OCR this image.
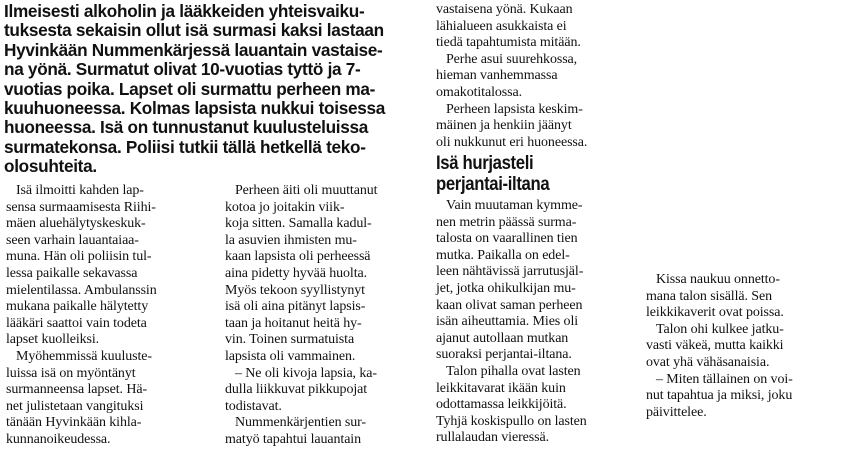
Ilmeisesti alkoholin ja lääkkeiden yhteisvaiku-
tuksesta sekaisin ollut isä surmasi kaksi lastaan
Hyvinkään Nummenkärjessä lauantain vastaise-
na yönä. Surmatut olivat 10-vuotias tyttö ja 7-
vuotias poika. Lapset oli surmattu perheen ma-
kuuhuoneessa. Kolmas lapsista nukkui toisessa
huoneessa. Isä on tunnustanut kuulusteluissa
surmatekonsa. Poliisi tutkii tällä hetkellä teko-
olosuhteita.
Isä ilmoitti kahden lap-
sensa surmaamisesta Riihi-
mäen aluehälytyskeskuk-
seen varhain lauantaiaa-
muna. Hän oli poliisin tul-
lessa paikalle sekavassa
mielentilassa. Ambulanssin
mukana paikalle hälytetty
lääkäri saattoi vain todeta
lapset kuolleiksi.
Myöhemmissä kuuluste-
luissa isä on myöntänyt
surmanneensa lapset. Hä-
net julistetaan vangituksi
tänään Hyvinkään kihla-
kunnanoikeudessa.
Perheen äiti oli muuttanut
kotoa jo joitakin viik-
koja sitten. Samalla kadul-
la asuvien ihmisten mu-
kaan lapsista oli perheessä
aina pidetty hyvää huolta.
Myös tekoon syyllistynyt
isä oli aina pitänyt lapsis-
taan ja hoitanut heitä hy-
vin. Toinen surmatuista
lapsista oli vammainen.
– Ne oli kivoja lapsia, ka-
dulla liikkuvat pikkupojat
todistavat.
Nummenkärjentien sur-
matyö tapahtui lauantain
vastaisena yönä. Kukaan
lähialueen asukkaista ei
tiedä tapahtumista mitään.
Perhe asui suurehkossa,
hieman vanhemmassa
omakotitalossa.
Perheen lapsista keskim-
mäinen ja henkiin jäänyt
oli nukkunut eri huoneessa.
Isä hurjasteli
perjantai-iltana
Vain muutaman kymme-
nen metrin päässä surma-
talosta on vaarallinen tien
mutka. Paikalla on edel-
leen nähtävissä jarrutusjäl-
jet, jotka ohikulkijan mu-
kaan olivat saman perheen
isän aiheuttamia. Mies oli
ajanut autollaan mutkan
suoraksi perjantai-iltana.
Talon pihalla ovat lasten
leikkitavarat ikään kuin
odottamassa leikkijöitä.
Tyhjä koskispullo on lasten
rullalaudan vieressä.
Kissa naukuu onnetto-
mana talon sisällä. Sen
leikkikaverit ovat poissa.
Talon ohi kulkee jatku-
vasti väkeä, mutta kaikki
ovat yhä vähäsanaisia.
– Miten tällainen on voi-
nut tapahtua ja miksi, joku
päivittelee.
